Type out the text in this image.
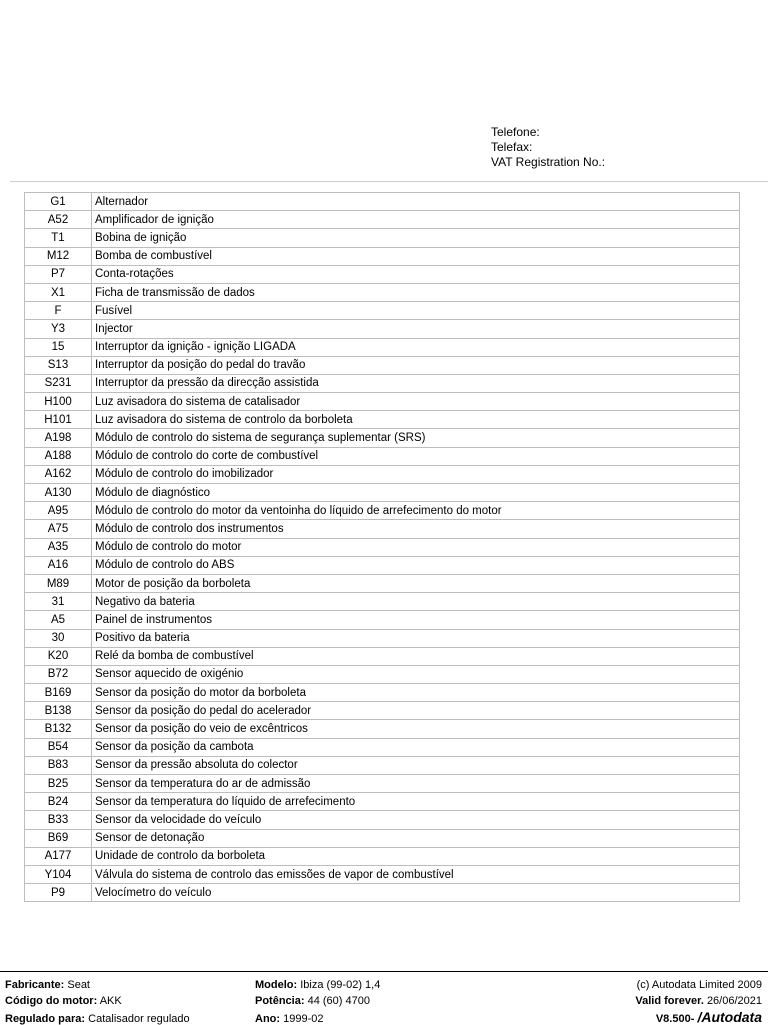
Telefone:
Telefax:
VAT Registration No.:
G1	Alternador
A52	Amplificador de ignição
T1	Bobina de ignição
M12	Bomba de combustível
P7	Conta-rotações
X1	Ficha de transmissão de dados
F	Fusível
Y3	Injector
15	Interruptor da ignição - ignição LIGADA
S13	Interruptor da posição do pedal do travão
S231	Interruptor da pressão da direcção assistida
H100	Luz avisadora do sistema de catalisador
H101	Luz avisadora do sistema de controlo da borboleta
A198	Módulo de controlo do sistema de segurança suplementar (SRS)
A188	Módulo de controlo do corte de combustível
A162	Módulo de controlo do imobilizador
A130	Módulo de diagnóstico
A95	Módulo de controlo do motor da ventoinha do líquido de arrefecimento do motor
A75	Módulo de controlo dos instrumentos
A35	Módulo de controlo do motor
A16	Módulo de controlo do ABS
M89	Motor de posição da borboleta
31	Negativo da bateria
A5	Painel de instrumentos
30	Positivo da bateria
K20	Relé da bomba de combustível
B72	Sensor aquecido de oxigénio
B169	Sensor da posição do motor da borboleta
B138	Sensor da posição do pedal do acelerador
B132	Sensor da posição do veio de excêntricos
B54	Sensor da posição da cambota
B83	Sensor da pressão absoluta do colector
B25	Sensor da temperatura do ar de admissão
B24	Sensor da temperatura do líquido de arrefecimento
B33	Sensor da velocidade do veículo
B69	Sensor de detonação
A177	Unidade de controlo da borboleta
Y104	Válvula do sistema de controlo das emissões de vapor de combustível
P9	Velocímetro do veículo
Fabricante: Seat
Código do motor: AKK
Regulado para: Catalisador regulado
Modelo: Ibiza (99-02) 1,4
Potência: 44 (60) 4700
Ano: 1999-02
(c) Autodata Limited 2009
Valid forever. 26/06/2021
V8.500- /Autodata
